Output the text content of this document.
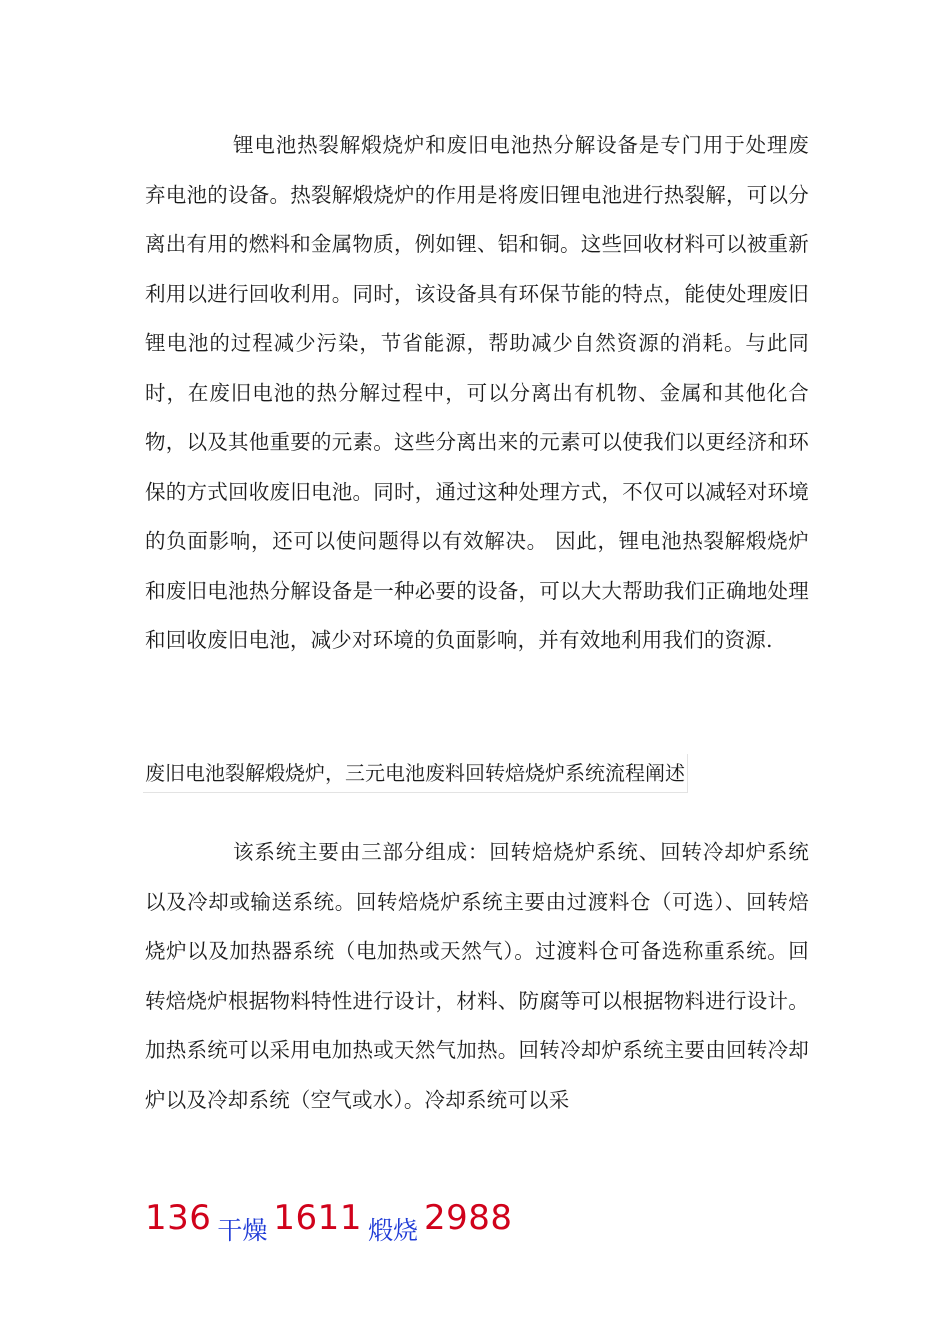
锂电池热裂解煅烧炉和废旧电池热分解设备是专门用于处理废弃电池的设备。热裂解煅烧炉的作用是将废旧锂电池进行热裂解，可以分离出有用的燃料和金属物质，例如锂、铝和铜。这些回收材料可以被重新利用以进行回收利用。同时，该设备具有环保节能的特点，能使处理废旧锂电池的过程减少污染，节省能源，帮助减少自然资源的消耗。与此同时，在废旧电池的热分解过程中，可以分离出有机物、金属和其他化合物，以及其他重要的元素。这些分离出来的元素可以使我们以更经济和环保的方式回收废旧电池。同时，通过这种处理方式，不仅可以减轻对环境的负面影响，还可以使问题得以有效解决。 因此，锂电池热裂解煅烧炉和废旧电池热分解设备是一种必要的设备，可以大大帮助我们正确地处理和回收废旧电池，减少对环境的负面影响，并有效地利用我们的资源.

废旧电池裂解煅烧炉，三元电池废料回转焙烧炉系统流程阐述

该系统主要由三部分组成：回转焙烧炉系统、回转冷却炉系统以及冷却或输送系统。回转焙烧炉系统主要由过渡料仓（可选）、回转焙烧炉以及加热器系统（电加热或天然气）。过渡料仓可备选称重系统。回转焙烧炉根据物料特性进行设计，材料、防腐等可以根据物料进行设计。加热系统可以采用电加热或天然气加热。回转冷却炉系统主要由回转冷却炉以及冷却系统（空气或水）。冷却系统可以采

136 干燥 1611 煅烧 2988
